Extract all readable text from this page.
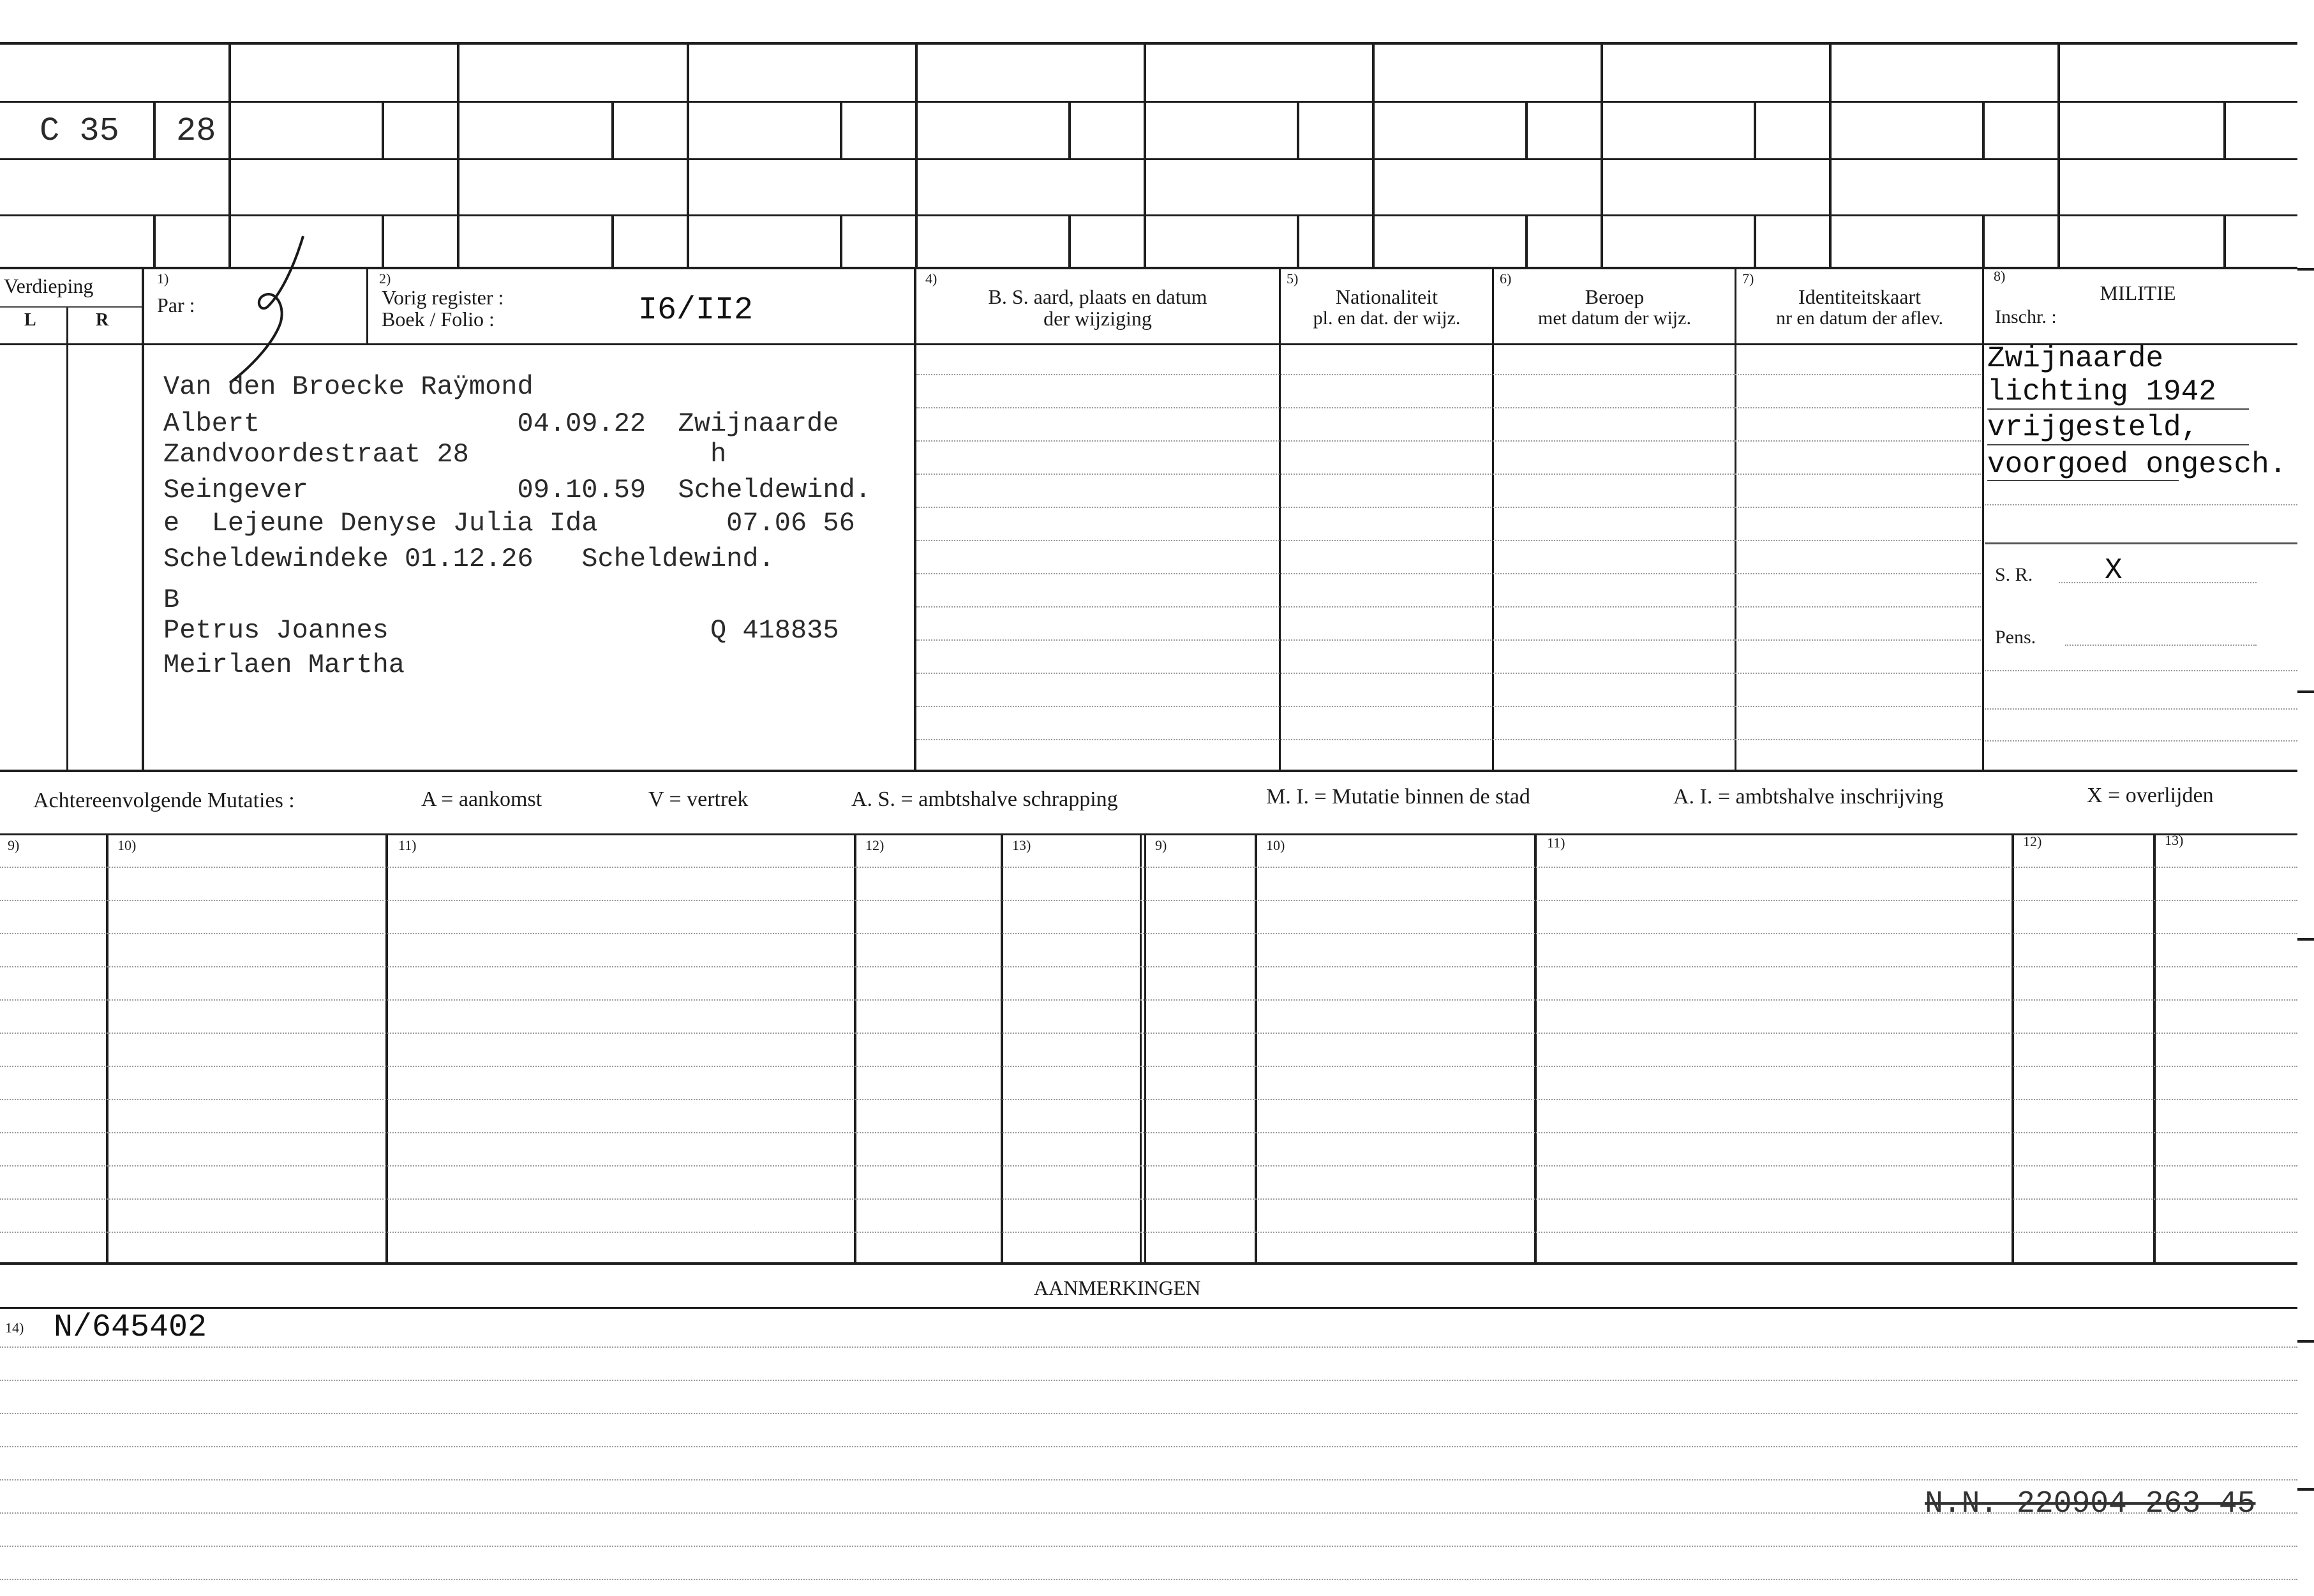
C 35 28
Verdieping
L	R
1)
Par :
2)
Vorig register :
Boek / Folio :	I6/II2
4)
B. S. aard, plaats en datum
der wijziging
5)
Nationaliteit
pl. en dat. der wijz.
6)
Beroep
met datum der wijz.
7)
Identiteitskaart
nr en datum der aflev.
8)
MILITIE
Inschr. :
Van den Broecke Raÿmond
Albert                04.09.22  Zwijnaarde
Zandvoordestraat 28               h
Seingever             09.10.59  Scheldewind.
e  Lejeune Denyse Julia Ida        07.06 56
Scheldewindeke 01.12.26   Scheldewind.
B
Petrus Joannes                    Q 418835
Meirlaen Martha
Zwijnaarde
lichting 1942
vrijgesteld,
voorgoed ongesch.
S. R. X
Pens.
Achtereenvolgende Mutaties :	A = aankomst	V = vertrek	A. S. = ambtshalve schrapping	M. I. = Mutatie binnen de stad	A. I. = ambtshalve inschrijving	X = overlijden
9)	10)	11)	12)	13)	9)	10)	11)	12)	13)
AANMERKINGEN
14) N/645402
N.N. 220904 263 45
